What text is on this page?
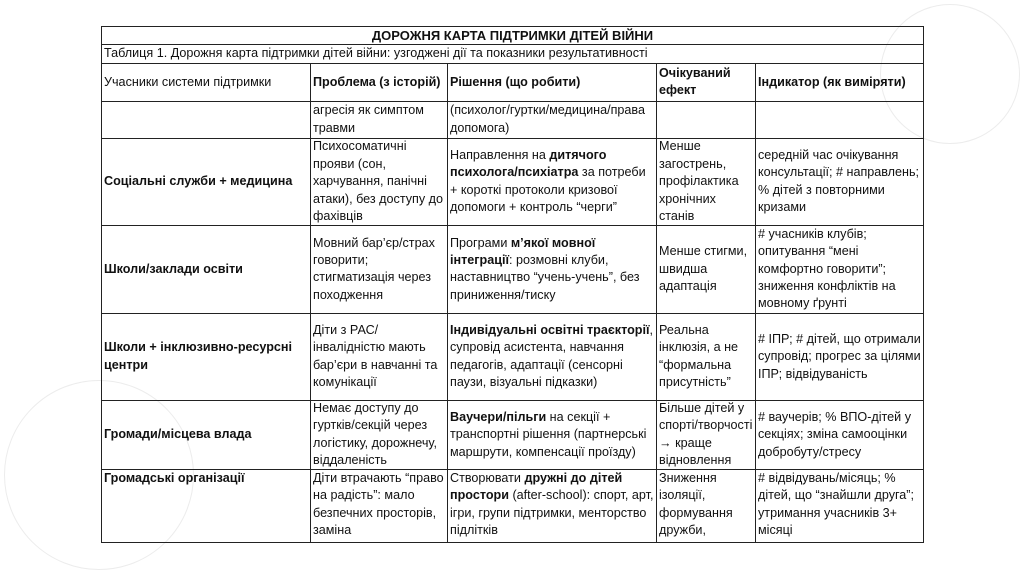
ДОРОЖНЯ КАРТА ПІДТРИМКИ ДІТЕЙ ВІЙНИ				
Таблиця 1. Дорожня карта підтримки дітей війни: узгоджені дії та показники результативності				

Учасники системи підтримки	Проблема (з історій)	Рішення (що робити)	Очікуваний ефект	Індикатор (як виміряти)

	агресія як симптом травми	(психолог/гуртки/медицина/права допомога)		

Соціальні служби + медицина	Психосоматичні прояви (сон, харчування, панічні атаки), без доступу до фахівців	Направлення на дитячого психолога/психіатра за потреби + короткі протоколи кризової допомоги + контроль “черги”	Менше загострень, профілактика хронічних станів	середній час очікування консультації; # направлень; % дітей з повторними кризами

Школи/заклади освіти	Мовний бар’єр/страх говорити; стигматизація через походження	Програми м’якої мовної інтеграції: розмовні клуби, наставництво “учень-учень”, без приниження/тиску	Менше стигми, швидша адаптація	# учасників клубів; опитування “мені комфортно говорити”; зниження конфліктів на мовному ґрунті

Школи + інклюзивно-ресурсні центри	Діти з РАС/інвалідністю мають бар’єри в навчанні та комунікації	Індивідуальні освітні траєкторії, супровід асистента, навчання педагогів, адаптації (сенсорні паузи, візуальні підказки)	Реальна інклюзія, а не “формальна присутність”	# ІПР; # дітей, що отримали супровід; прогрес за цілями ІПР; відвідуваність

Громади/місцева влада	Немає доступу до гуртків/секцій через логістику, дорожнечу, віддаленість	Ваучери/пільги на секції + транспортні рішення (партнерські маршрути, компенсації проїзду)	Більше дітей у спорті/творчості → краще відновлення	# ваучерів; % ВПО-дітей у секціях; зміна самооцінки добробуту/стресу

Громадські організації	Діти втрачають “право на радість”: мало безпечних просторів, заміна	Створювати дружні до дітей простори (after-school): спорт, арт, ігри, групи підтримки, менторство підлітків	Зниження ізоляції, формування дружби,	# відвідувань/місяць; % дітей, що “знайшли друга”; утримання учасників 3+ місяці
